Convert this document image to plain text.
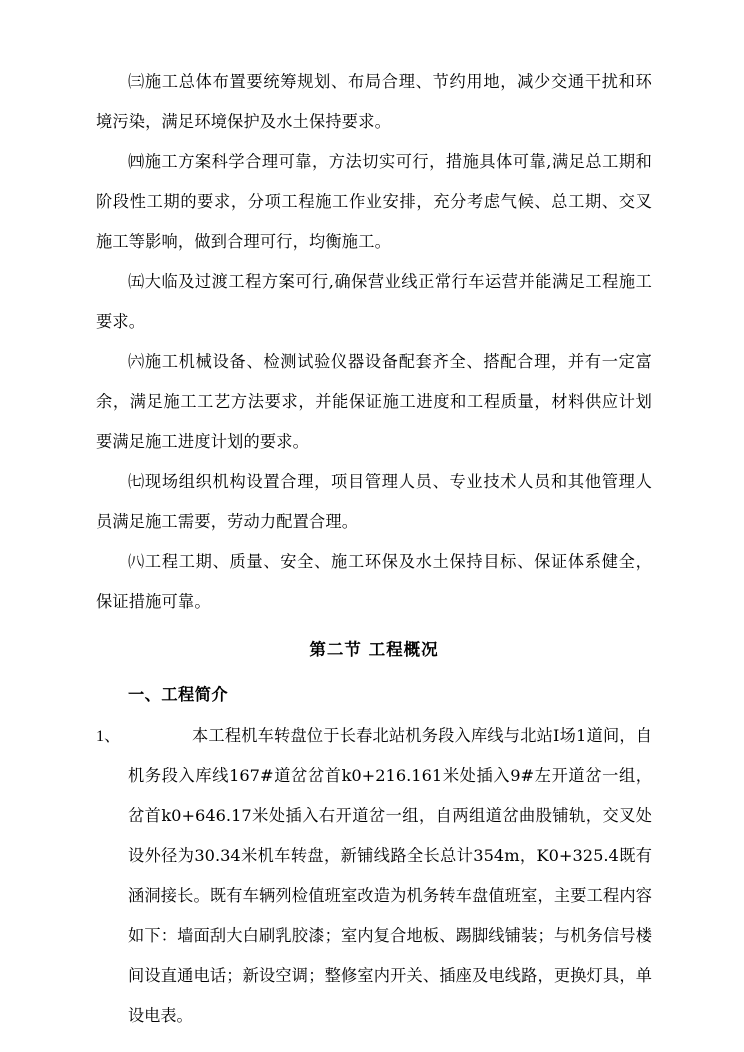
㈢施工总体布置要统筹规划、布局合理、节约用地，减少交通干扰和环境污染，满足环境保护及水土保持要求。

㈣施工方案科学合理可靠，方法切实可行，措施具体可靠,满足总工期和阶段性工期的要求，分项工程施工作业安排，充分考虑气候、总工期、交叉施工等影响，做到合理可行，均衡施工。

㈤大临及过渡工程方案可行,确保营业线正常行车运营并能满足工程施工要求。

㈥施工机械设备、检测试验仪器设备配套齐全、搭配合理，并有一定富余，满足施工工艺方法要求，并能保证施工进度和工程质量，材料供应计划要满足施工进度计划的要求。

㈦现场组织机构设置合理，项目管理人员、专业技术人员和其他管理人员满足施工需要，劳动力配置合理。

㈧工程工期、质量、安全、施工环保及水土保持目标、保证体系健全，保证措施可靠。

第二节 工程概况
一、工程简介
1、	本工程机车转盘位于长春北站机务段入库线与北站Ⅰ场1道间，自机务段入库线167#道岔岔首k0+216.161米处插入9#左开道岔一组，岔首k0+646.17米处插入右开道岔一组，自两组道岔曲股铺轨，交叉处设外径为30.34米机车转盘，新铺线路全长总计354m，K0+325.4既有涵洞接长。既有车辆列检值班室改造为机务转车盘值班室，主要工程内容如下：墙面刮大白刷乳胶漆；室内复合地板、踢脚线铺装；与机务信号楼间设直通电话；新设空调；整修室内开关、插座及电线路，更换灯具，单设电表。
